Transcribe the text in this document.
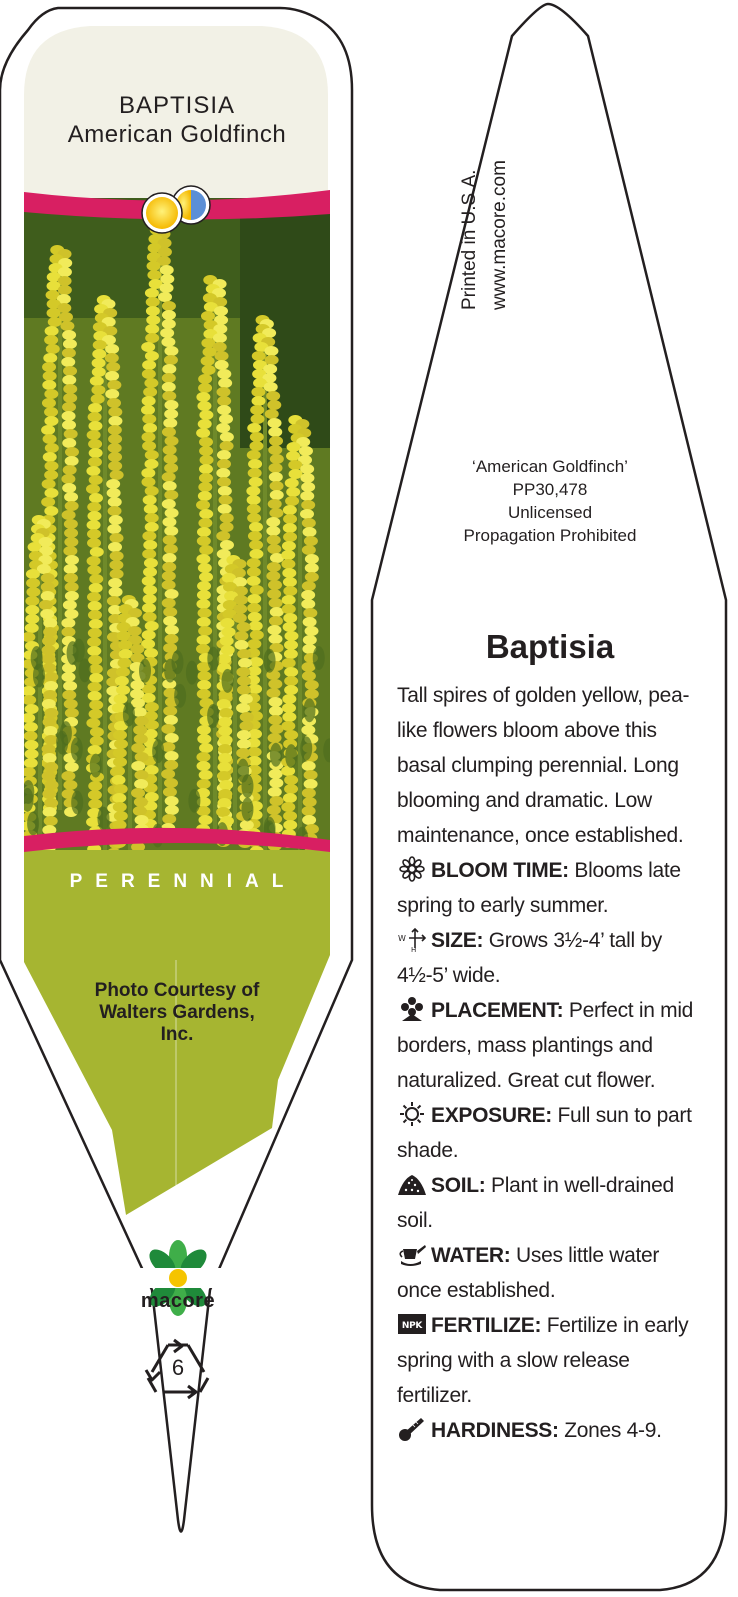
BAPTISIA
American Goldfinch
PERENNIAL
Photo Courtesy of
Walters Gardens,
Inc.
macore
6
Printed in U.S.A. www.macore.com
‘American Goldfinch’
PP30,478
Unlicensed
Propagation Prohibited
Baptisia
Tall spires of golden yellow, pea-like flowers bloom above this basal clumping perennial. Long blooming and dramatic. Low maintenance, once established.
BLOOM TIME: Blooms late spring to early summer.
W
H SIZE: Grows 3½-4’ tall by 4½-5’ wide.
PLACEMENT: Perfect in mid borders, mass plantings and naturalized. Great cut flower.
EXPOSURE: Full sun to part shade.
SOIL: Plant in well-drained soil.
WATER: Uses little water once established.
NPK FERTILIZE: Fertilize in early spring with a slow release fertilizer.
HARDINESS: Zones 4-9.
